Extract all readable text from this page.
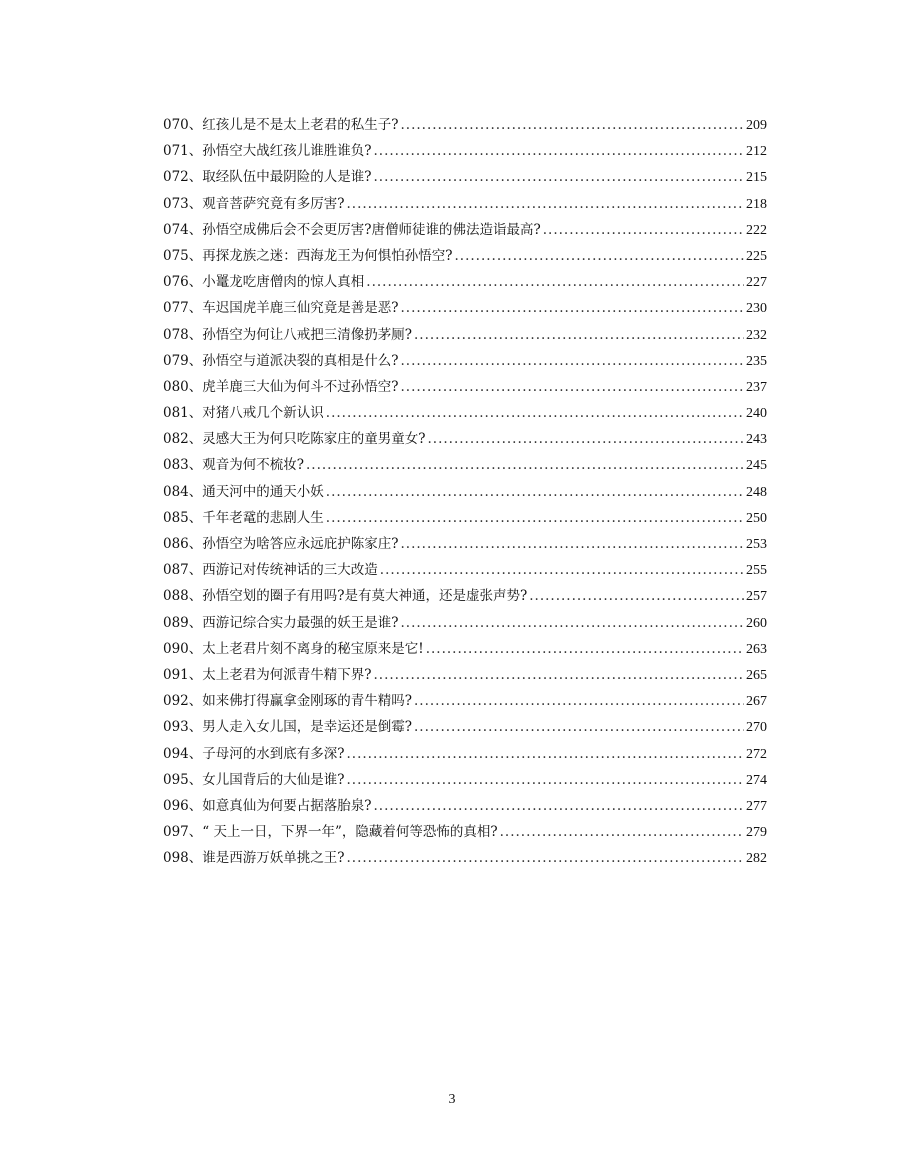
070、红孩儿是不是太上老君的私生子? .....	209
071、孙悟空大战红孩儿谁胜谁负? .....	212
072、取经队伍中最阴险的人是谁? .....	215
073、观音菩萨究竟有多厉害? .....	218
074、孙悟空成佛后会不会更厉害?唐僧师徒谁的佛法造诣最高? .....	222
075、再探龙族之迷：西海龙王为何惧怕孙悟空? .....	225
076、小鼍龙吃唐僧肉的惊人真相 .....	227
077、车迟国虎羊鹿三仙究竟是善是恶? .....	230
078、孙悟空为何让八戒把三清像扔茅厕? .....	232
079、孙悟空与道派决裂的真相是什么? .....	235
080、虎羊鹿三大仙为何斗不过孙悟空? .....	237
081、对猪八戒几个新认识 .....	240
082、灵感大王为何只吃陈家庄的童男童女? .....	243
083、观音为何不梳妆? .....	245
084、通天河中的通天小妖 .....	248
085、千年老鼋的悲剧人生 .....	250
086、孙悟空为啥答应永远庇护陈家庄? .....	253
087、西游记对传统神话的三大改造 .....	255
088、孙悟空划的圈子有用吗?是有莫大神通，还是虚张声势? .....	257
089、西游记综合实力最强的妖王是谁? .....	260
090、太上老君片刻不离身的秘宝原来是它! .....	263
091、太上老君为何派青牛精下界? .....	265
092、如来佛打得赢拿金刚琢的青牛精吗? .....	267
093、男人走入女儿国，是幸运还是倒霉? .....	270
094、子母河的水到底有多深? .....	272
095、女儿国背后的大仙是谁? .....	274
096、如意真仙为何要占据落胎泉? .....	277
097、“ 天上一日，下界一年”，隐藏着何等恐怖的真相? .....	279
098、谁是西游万妖单挑之王? .....	282
3
